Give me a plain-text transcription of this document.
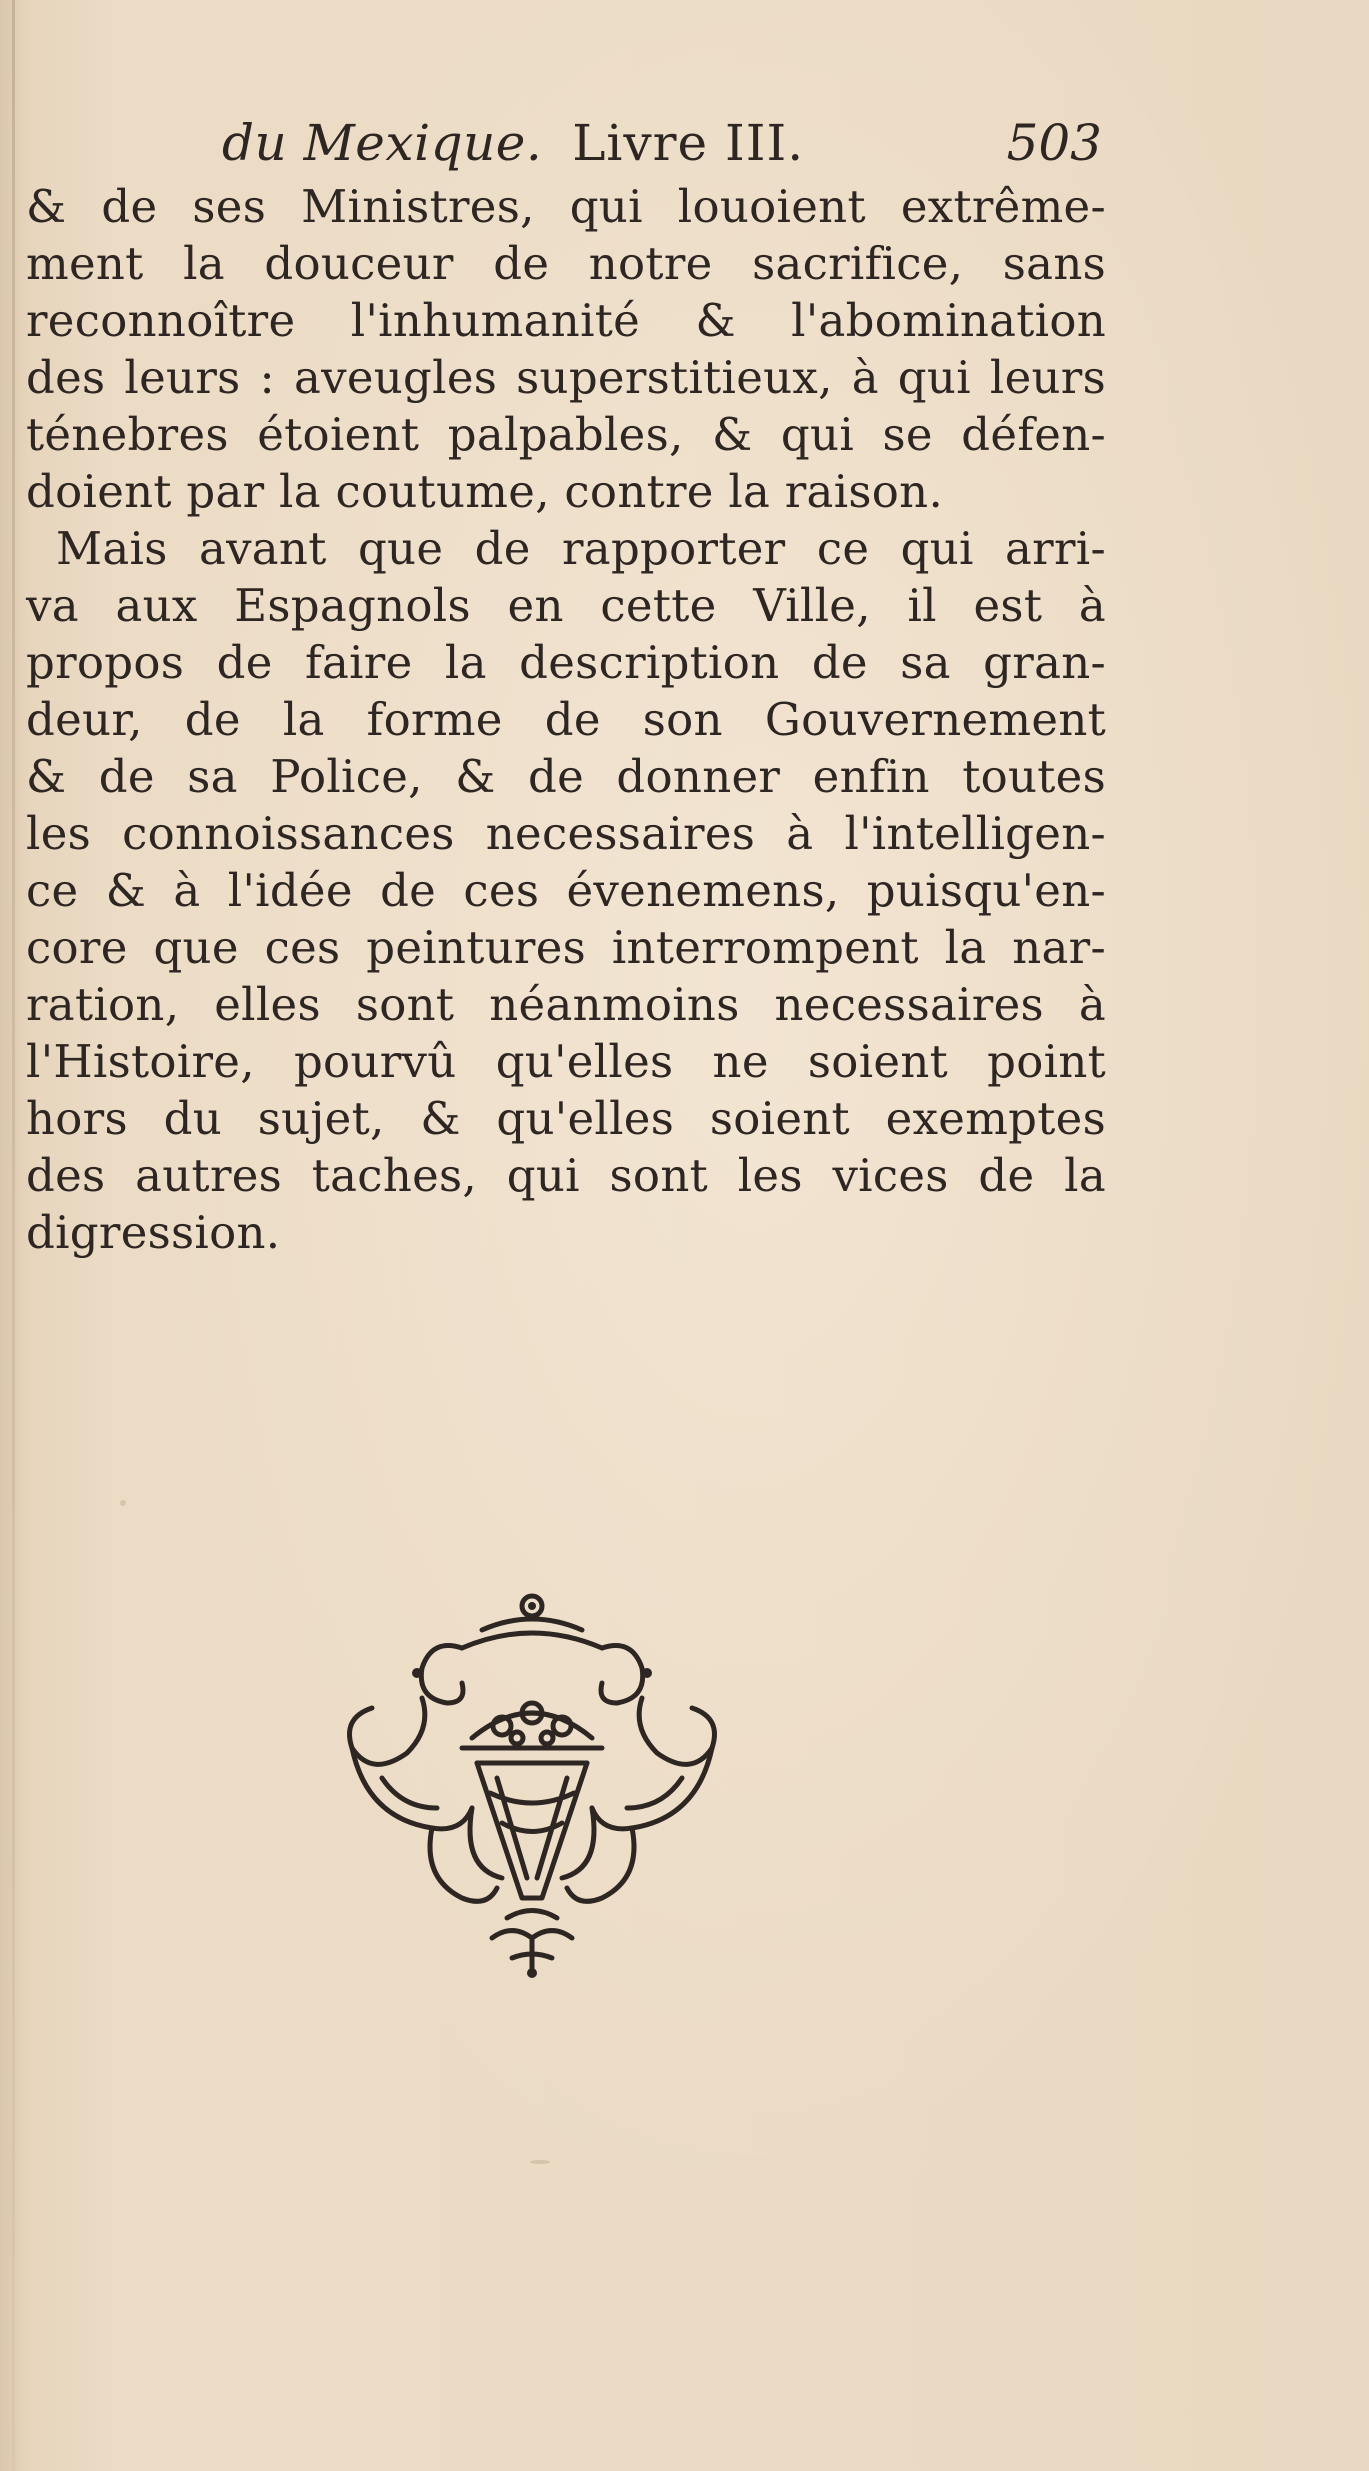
du Mexique. Livre III.	503
& de ses Ministres, qui louoient extrême-
ment la douceur de notre sacrifice, sans
reconnoître l'inhumanité & l'abomination
des leurs : aveugles superstitieux, à qui leurs
ténebres étoient palpables, & qui se défen-
doient par la coutume, contre la raison.
Mais avant que de rapporter ce qui arri-
va aux Espagnols en cette Ville, il est à
propos de faire la description de sa gran-
deur, de la forme de son Gouvernement
& de sa Police, & de donner enfin toutes
les connoissances necessaires à l'intelligen-
ce & à l'idée de ces évenemens, puisqu'en-
core que ces peintures interrompent la nar-
ration, elles sont néanmoins necessaires à
l'Histoire, pourvû qu'elles ne soient point
hors du sujet, & qu'elles soient exemptes
des autres taches, qui sont les vices de la
digression.
